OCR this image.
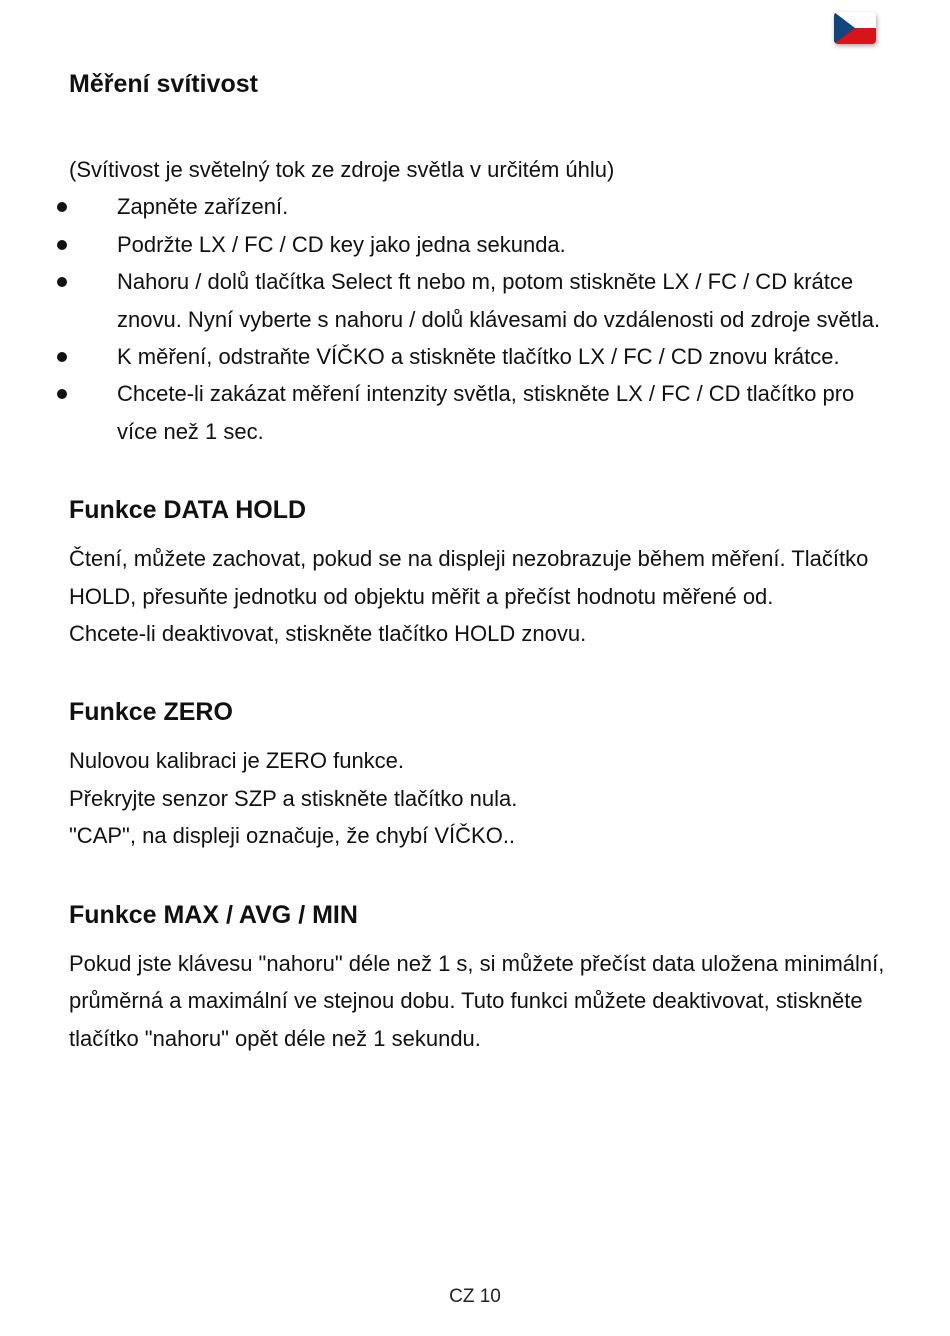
Měření svítivost

(Svítivost je světelný tok ze zdroje světla v určitém úhlu)

Zapněte zařízení.
Podržte LX / FC / CD key jako jedna sekunda.
Nahoru / dolů tlačítka Select ft nebo m, potom stiskněte LX / FC / CD krátce znovu. Nyní vyberte s nahoru / dolů klávesami do vzdálenosti od zdroje světla.
K měření, odstraňte VÍČKO a stiskněte tlačítko LX / FC / CD znovu krátce.
Chcete-li zakázat měření intenzity světla, stiskněte LX / FC / CD tlačítko pro více než 1 sec.
Funkce DATA HOLD

Čtení, můžete zachovat, pokud se na displeji nezobrazuje během měření. Tlačítko HOLD, přesuňte jednotku od objektu měřit a přečíst hodnotu měřené od.

Chcete-li deaktivovat, stiskněte tlačítko HOLD znovu.

Funkce ZERO

Nulovou kalibraci je ZERO funkce.

Překryjte senzor SZP a stiskněte tlačítko nula.

"CAP", na displeji označuje, že chybí VÍČKO..

Funkce MAX / AVG / MIN

Pokud jste klávesu "nahoru" déle než 1 s, si můžete přečíst data uložena minimální, průměrná a maximální ve stejnou dobu. Tuto funkci můžete deaktivovat, stiskněte tlačítko "nahoru" opět déle než 1 sekundu.

CZ 10
